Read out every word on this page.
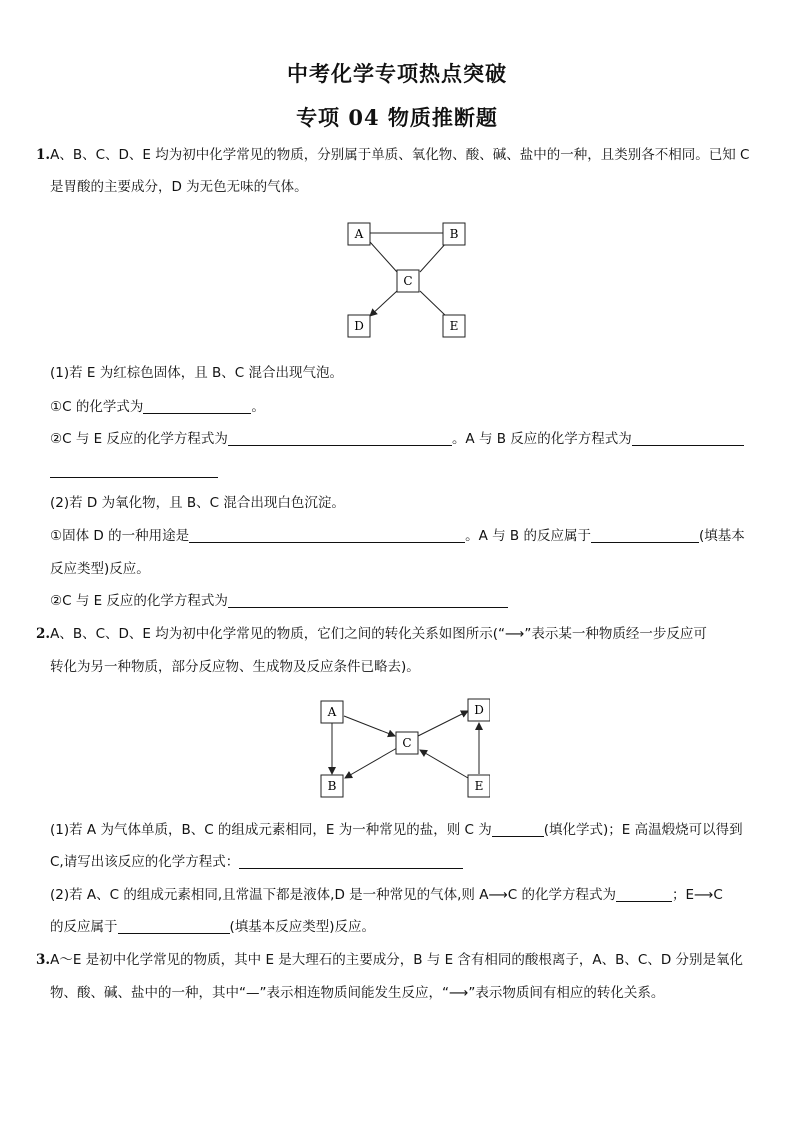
中考化学专项热点突破
专项 04 物质推断题
1.A、B、C、D、E 均为初中化学常见的物质，分别属于单质、氧化物、酸、碱、盐中的一种，且类别各不相同。已知 C
是胃酸的主要成分，D 为无色无味的气体。
A	B
C
D	E
(1)若 E 为红棕色固体，且 B、C 混合出现气泡。
①C 的化学式为	。
②C 与 E 反应的化学方程式为	。A 与 B 反应的化学方程式为
(2)若 D 为氧化物，且 B、C 混合出现白色沉淀。
①固体 D 的一种用途是	。A 与 B 的反应属于	(填基本
反应类型)反应。
②C 与 E 反应的化学方程式为
2.A、B、C、D、E 均为初中化学常见的物质，它们之间的转化关系如图所示(“⟶”表示某一种物质经一步反应可
转化为另一种物质，部分反应物、生成物及反应条件已略去)。
A
B
C
D
E
(1)若 A 为气体单质，B、C 的组成元素相同，E 为一种常见的盐，则 C 为	(填化学式)；E 高温煅烧可以得到
C,请写出该反应的化学方程式：
(2)若 A、C 的组成元素相同,且常温下都是液体,D 是一种常见的气体,则 A⟶C 的化学方程式为	；E⟶C
的反应属于	(填基本反应类型)反应。
3.A～E 是初中化学常见的物质，其中 E 是大理石的主要成分，B 与 E 含有相同的酸根离子，A、B、C、D 分别是氧化
物、酸、碱、盐中的一种，其中“—”表示相连物质间能发生反应，“⟶”表示物质间有相应的转化关系。
